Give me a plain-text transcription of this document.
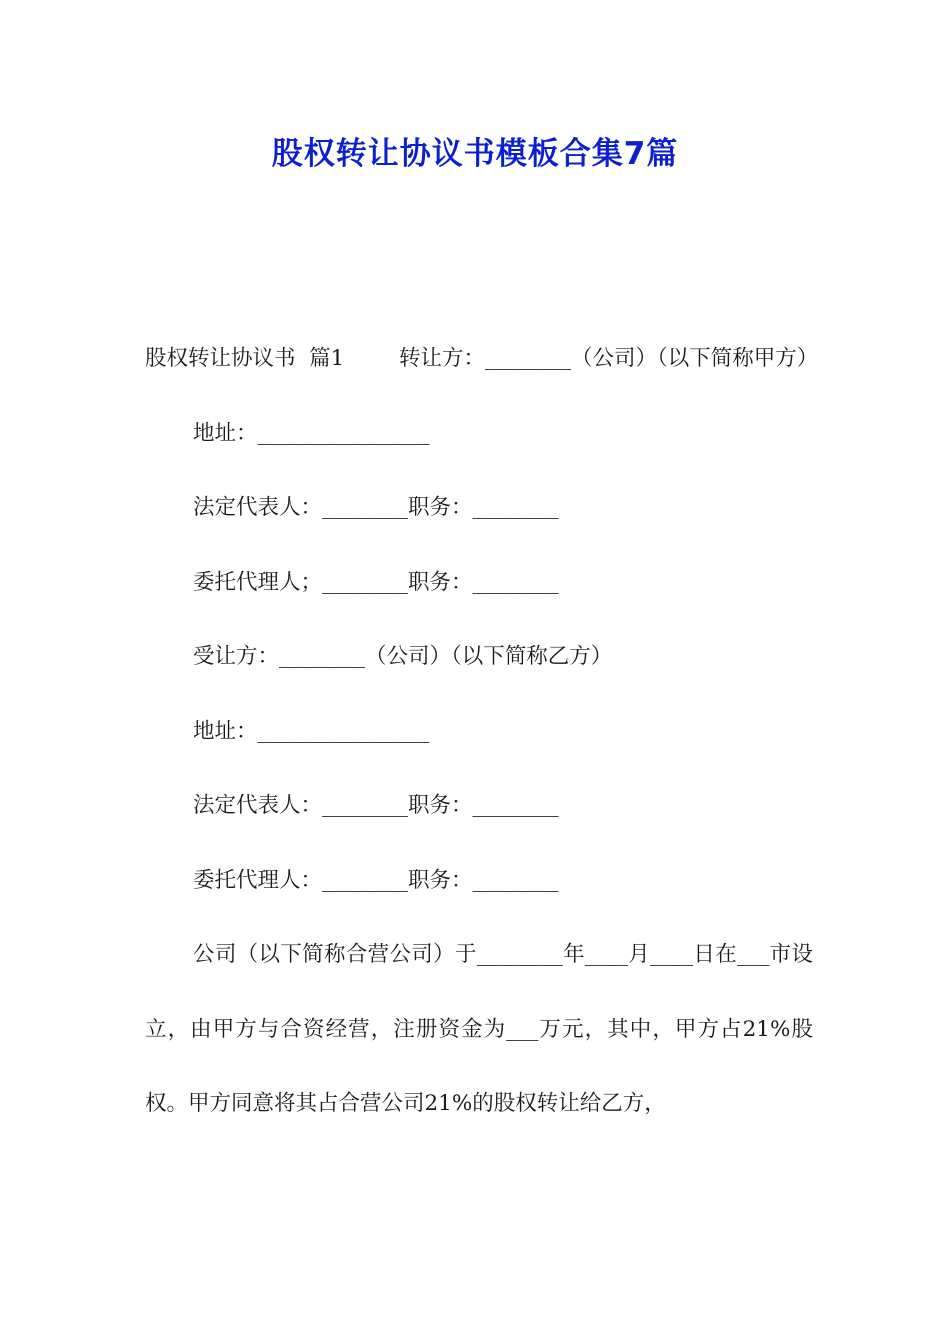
股权转让协议书模板合集7篇

股权转让协议书  篇1        转让方：________（公司）（以下简称甲方）

地址：________________

法定代表人：________职务：________

委托代理人；________职务：________

受让方：________（公司）（以下简称乙方）

地址：________________

法定代表人：________职务：________

委托代理人：________职务：________

公司（以下简称合营公司）于________年____月____日在___市设立，由甲方与合资经营，注册资金为___万元，其中，甲方占21%股权。甲方同意将其占合营公司21%的股权转让给乙方，
